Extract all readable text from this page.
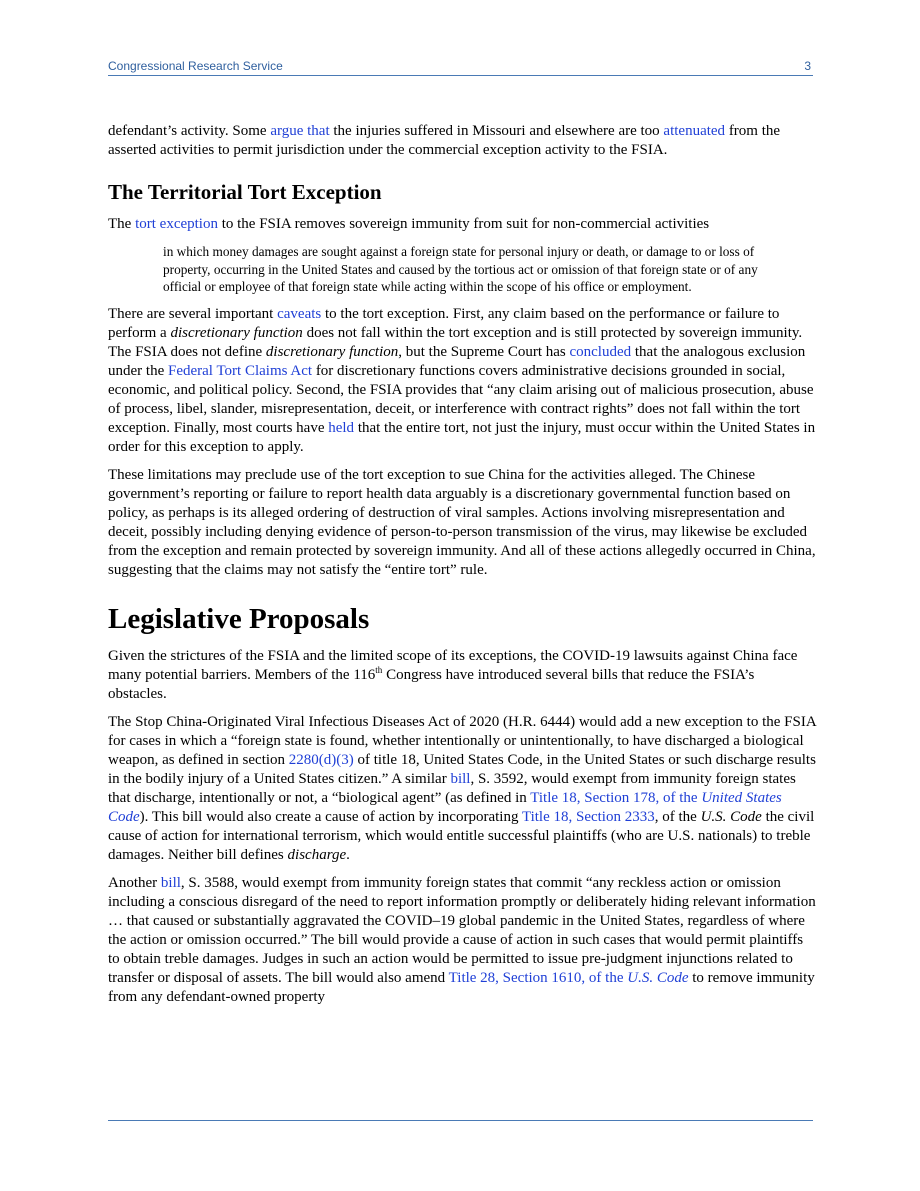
Congressional Research Service	3

defendant’s activity. Some argue that the injuries suffered in Missouri and elsewhere are too attenuated from the asserted activities to permit jurisdiction under the commercial exception activity to the FSIA.

The Territorial Tort Exception

The tort exception to the FSIA removes sovereign immunity from suit for non-commercial activities

in which money damages are sought against a foreign state for personal injury or death, or damage to or loss of property, occurring in the United States and caused by the tortious act or omission of that foreign state or of any official or employee of that foreign state while acting within the scope of his office or employment.

There are several important caveats to the tort exception. First, any claim based on the performance or failure to perform a discretionary function does not fall within the tort exception and is still protected by sovereign immunity. The FSIA does not define discretionary function, but the Supreme Court has concluded that the analogous exclusion under the Federal Tort Claims Act for discretionary functions covers administrative decisions grounded in social, economic, and political policy. Second, the FSIA provides that “any claim arising out of malicious prosecution, abuse of process, libel, slander, misrepresentation, deceit, or interference with contract rights” does not fall within the tort exception. Finally, most courts have held that the entire tort, not just the injury, must occur within the United States in order for this exception to apply.

These limitations may preclude use of the tort exception to sue China for the activities alleged. The Chinese government’s reporting or failure to report health data arguably is a discretionary governmental function based on policy, as perhaps is its alleged ordering of destruction of viral samples. Actions involving misrepresentation and deceit, possibly including denying evidence of person-to-person transmission of the virus, may likewise be excluded from the exception and remain protected by sovereign immunity. And all of these actions allegedly occurred in China, suggesting that the claims may not satisfy the “entire tort” rule.

Legislative Proposals

Given the strictures of the FSIA and the limited scope of its exceptions, the COVID-19 lawsuits against China face many potential barriers. Members of the 116th Congress have introduced several bills that reduce the FSIA’s obstacles.

The Stop China-Originated Viral Infectious Diseases Act of 2020 (H.R. 6444) would add a new exception to the FSIA for cases in which a “foreign state is found, whether intentionally or unintentionally, to have discharged a biological weapon, as defined in section 2280(d)(3) of title 18, United States Code, in the United States or such discharge results in the bodily injury of a United States citizen.” A similar bill, S. 3592, would exempt from immunity foreign states that discharge, intentionally or not, a “biological agent” (as defined in Title 18, Section 178, of the United States Code). This bill would also create a cause of action by incorporating Title 18, Section 2333, of the U.S. Code the civil cause of action for international terrorism, which would entitle successful plaintiffs (who are U.S. nationals) to treble damages. Neither bill defines discharge.

Another bill, S. 3588, would exempt from immunity foreign states that commit “any reckless action or omission including a conscious disregard of the need to report information promptly or deliberately hiding relevant information … that caused or substantially aggravated the COVID–19 global pandemic in the United States, regardless of where the action or omission occurred.” The bill would provide a cause of action in such cases that would permit plaintiffs to obtain treble damages. Judges in such an action would be permitted to issue pre-judgment injunctions related to transfer or disposal of assets. The bill would also amend Title 28, Section 1610, of the U.S. Code to remove immunity from any defendant-owned property
